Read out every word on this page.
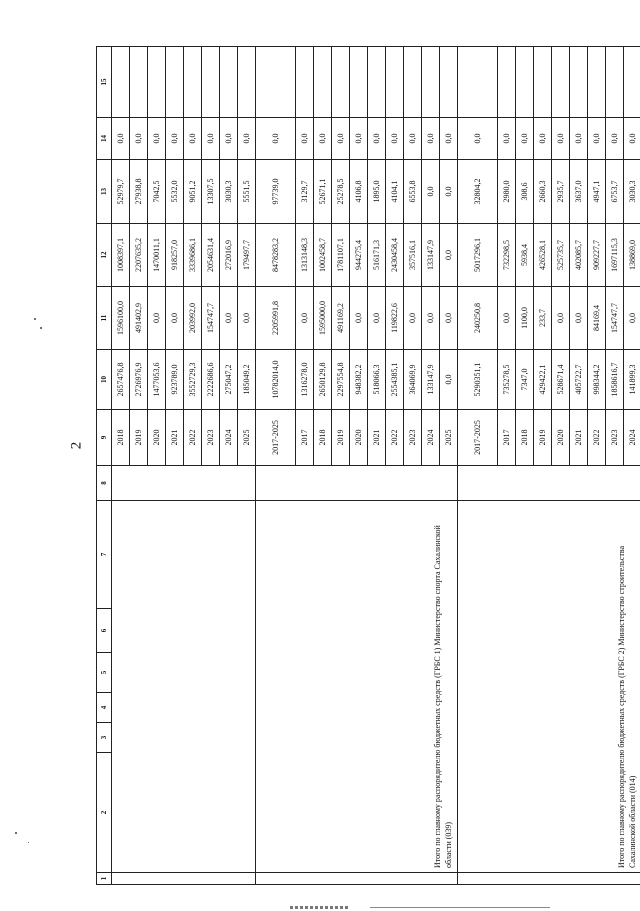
2
1	2	3	4	5	6	7	8	9	10	11	12	13	14	15
								2018	2657476,8	1596100,0	1008397,1	52979,7	0,0	
								2019	2726976,9	491402,9	2207635,2	27938,8	0,0	
								2020	1477053,6	0,0	1470011,1	7042,5	0,0	
								2021	923789,0	0,0	918257,0	5532,0	0,0	
								2022	3552729,3	203992,0	3339686,1	9051,2	0,0	
								2023	2222686,6	154747,7	2054631,4	13307,5	0,0	
								2024	275047,2	0,0	272016,9	3030,3	0,0	
								2025	185049,2	0,0	179497,7	5551,5	0,0	
	Итого по главному распорядителю бюджетных средств (ГРБС 1) Министерство спорта Сахалинской области (039)							2017-2025	10782014,0	2205991,8	8478283,2	97739,0	0,0	
								2017	1316278,0	0,0	1313148,3	3129,7	0,0	
								2018	2650129,8	1595000,0	1002458,7	52671,1	0,0	
								2019	2297554,8	491169,2	1781107,1	25278,5	0,0	
								2020	948382,2	0,0	944275,4	4106,8	0,0	
								2021	518066,3	0,0	516171,3	1895,0	0,0	
								2022	2554385,1	119822,6	2430458,4	4104,1	0,0	
								2023	364069,9	0,0	357516,1	6553,8	0,0	
								2024	133147,9	0,0	133147,9	0,0	0,0	
								2025	0,0	0,0	0,0	0,0	0,0	
	Итого по главному распорядителю бюджетных средств (ГРБС 2) Министерство строительства Сахалинской области (014)							2017-2025	5290351,1	240250,8	5017296,1	32804,2	0,0	
								2017	735278,5	0,0	732298,5	2980,0	0,0	
								2018	7347,0	1100,0	5938,4	308,6	0,0	
								2019	429422,1	233,7	426528,1	2660,3	0,0	
								2020	528671,4	0,0	525735,7	2935,7	0,0	
								2021	405722,7	0,0	402085,7	3637,0	0,0	
								2022	998344,2	84169,4	909227,7	4947,1	0,0	
								2023	1858616,7	154747,7	1697115,3	6753,7	0,0	
								2024	141899,3	0,0	138869,0	3030,3	0,0	
